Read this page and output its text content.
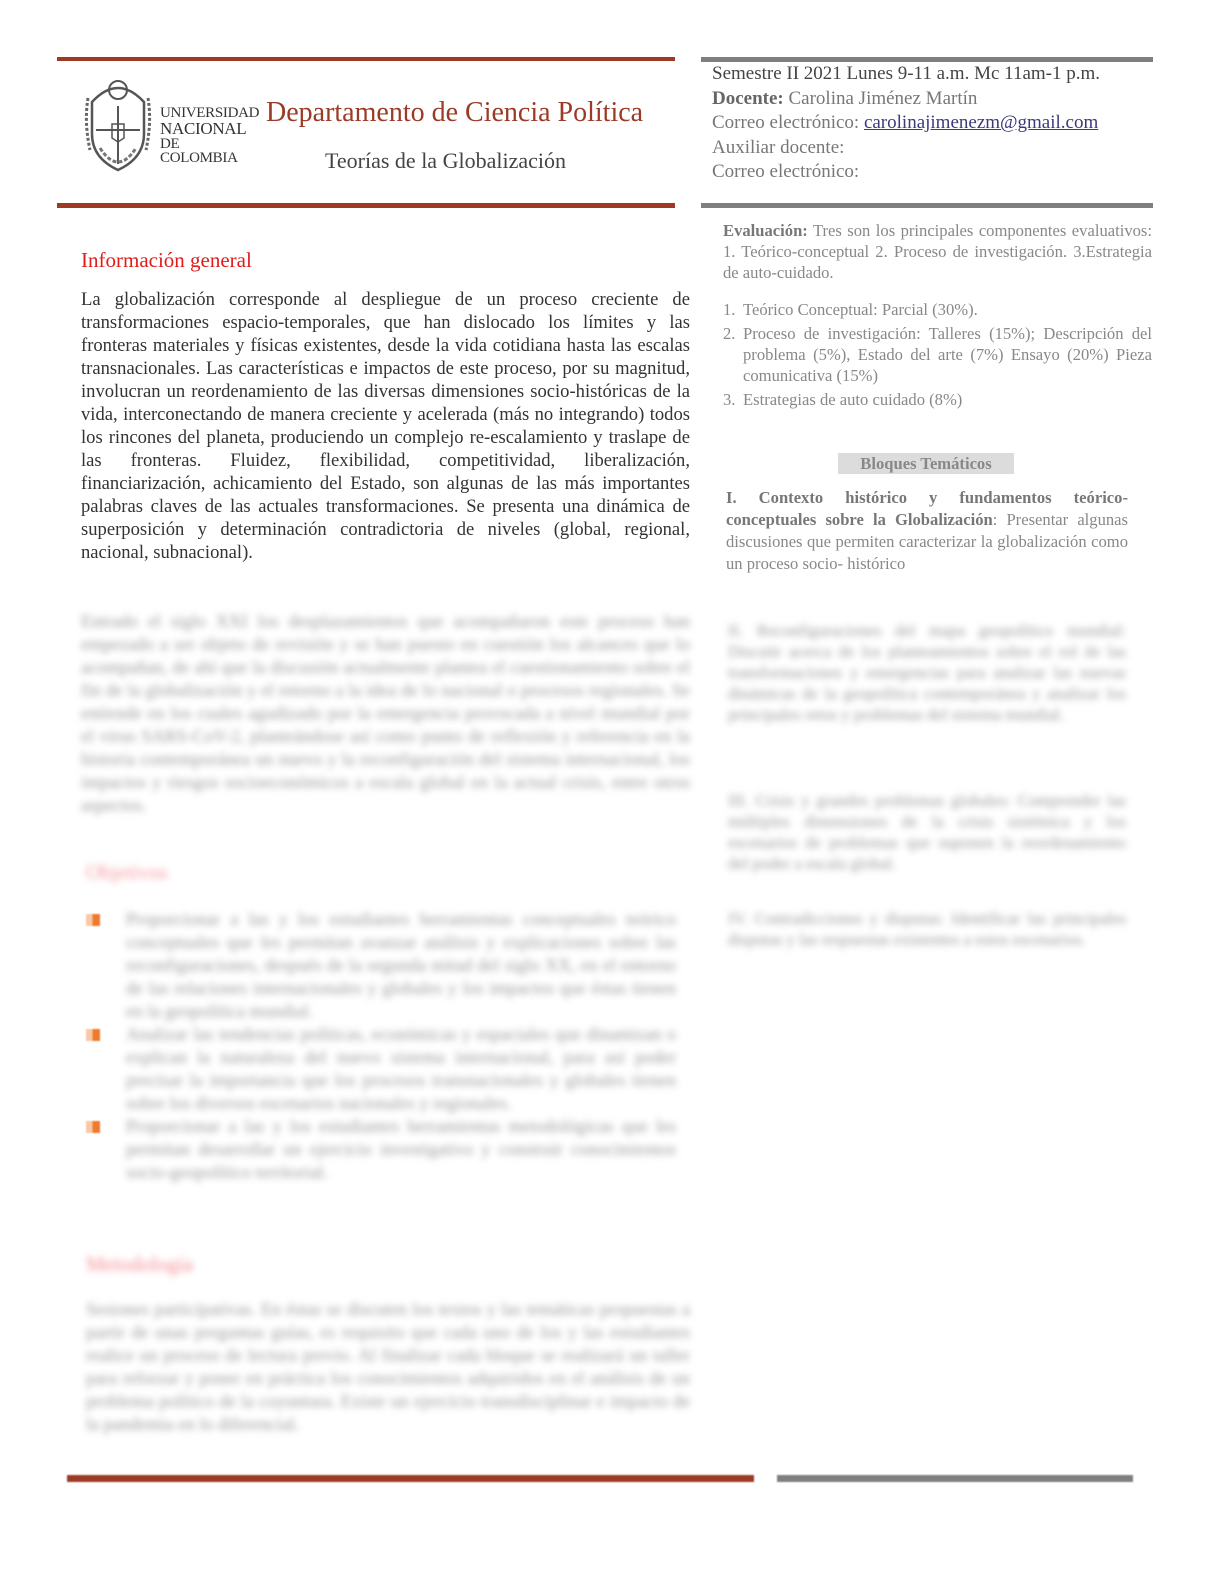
UNIVERSIDAD
NACIONAL
DE COLOMBIA
Departamento de Ciencia Política
Teorías de la Globalización
Semestre II 2021 Lunes 9-11 a.m. Mc 11am-1 p.m.
Docente: Carolina Jiménez Martín
Correo electrónico: carolinajimenezm@gmail.com
Auxiliar docente:
Correo electrónico:
Información general
La globalización corresponde al despliegue de un proceso creciente de transformaciones espacio-temporales, que han dislocado los límites y las fronteras materiales y físicas existentes, desde la vida cotidiana hasta las escalas transnacionales. Las características e impactos de este proceso, por su magnitud, involucran un reordenamiento de las diversas dimensiones socio-históricas de la vida, interconectando de manera creciente y acelerada (más no integrando) todos los rincones del planeta, produciendo un complejo re-escalamiento y traslape de las fronteras. Fluidez, flexibilidad, competitividad, liberalización, financiarización, achicamiento del Estado, son algunas de las más importantes palabras claves de las actuales transformaciones. Se presenta una dinámica de superposición y determinación contradictoria de niveles (global, regional, nacional, subnacional).
Entrado el siglo XXI los desplazamientos que acompañaron este proceso han empezado a ser objeto de revisión y se han puesto en cuestión los alcances que lo acompañan, de ahí que la discusión actualmente plantea el cuestionamiento sobre el fin de la globalización y el retorno a la idea de lo nacional o procesos regionales. Se entiende en los cuales agudizado por la emergencia provocada a nivel mundial por el virus SARS-CoV-2, planteándose así como punto de reflexión y referencia en la historia contemporánea un nuevo y la reconfiguración del sistema internacional, los impactos y riesgos socioeconómicos a escala global en la actual crisis, entre otros aspectos.
Objetivos
Proporcionar a las y los estudiantes herramientas conceptuales teórico conceptuales que les permitan avanzar análisis y explicaciones sobre las reconfiguraciones, después de la segunda mitad del siglo XX, en el entorno de las relaciones internacionales y globales y los impactos que éstas tienen en la geopolítica mundial.
Analizar las tendencias políticas, económicas y espaciales que dinamizan o explican la naturaleza del nuevo sistema internacional, para así poder precisar la importancia que los procesos transnacionales y globales tienen sobre los diversos escenarios nacionales y regionales.
Proporcionar a las y los estudiantes herramientas metodológicas que les permitan desarrollar un ejercicio investigativo y construir conocimientos socio-geopolítico territorial.
Metodología
Sesiones participativas. En éstas se discuten los textos y las temáticas propuestas a partir de unas preguntas guías, es requisito que cada uno de los y las estudiantes realice un proceso de lectura previo. Al finalizar cada bloque se realizará un taller para reforzar y poner en práctica los conocimientos adquiridos en el análisis de un problema político de la coyuntura. Existe un ejercicio transdisciplinar e impacto de la pandemia en lo diferencial.
Evaluación: Tres son los principales componentes evaluativos: 1. Teórico-conceptual 2. Proceso de investigación. 3.Estrategia de auto-cuidado.
1. Teórico Conceptual: Parcial (30%).
2. Proceso de investigación: Talleres (15%); Descripción del problema (5%), Estado del arte (7%) Ensayo (20%) Pieza comunicativa (15%)
3. Estrategias de auto cuidado (8%)
Bloques Temáticos
I. Contexto histórico y fundamentos teórico-conceptuales sobre la Globalización: Presentar algunas discusiones que permiten caracterizar la globalización como un proceso socio- histórico
II. Reconfiguraciones del mapa geopolítico mundial: Discutir acerca de los planteamientos sobre el rol de las transformaciones y emergencias para analizar las nuevas dinámicas de la geopolítica contemporánea y analizar los principales retos y problemas del sistema mundial.
III. Crisis y grandes problemas globales: Comprender las múltiples dimensiones de la crisis sistémica y los escenarios de problemas que suponen la reordenamiento del poder a escala global.
IV. Contradicciones y disputas: Identificar las principales disputas y las respuestas existentes a estos escenarios.
